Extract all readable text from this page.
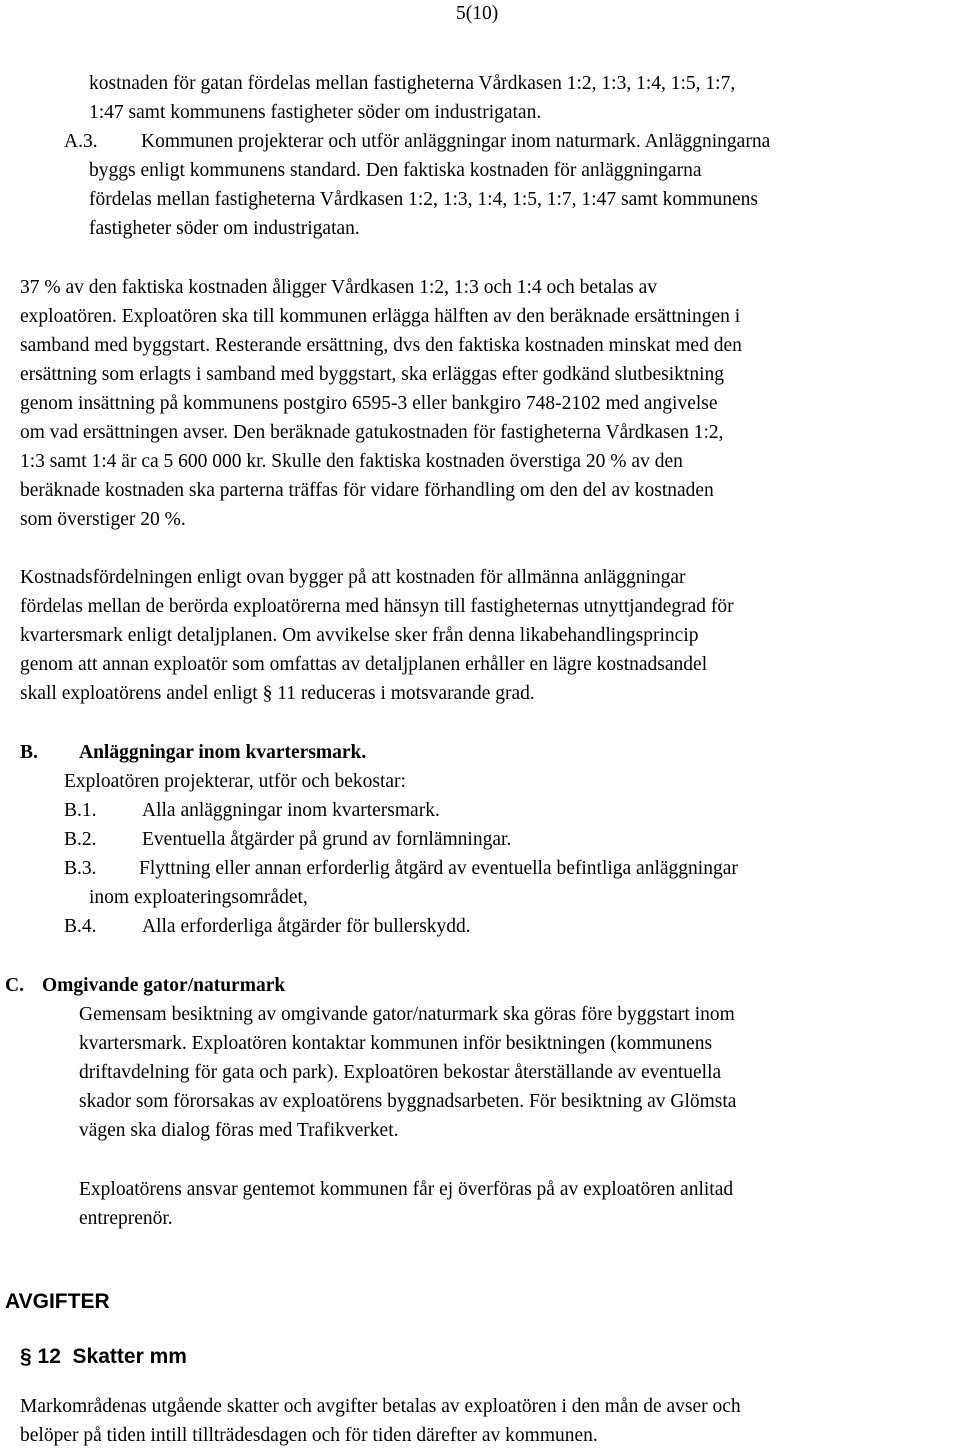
5(10)
kostnaden för gatan fördelas mellan fastigheterna Vårdkasen 1:2, 1:3, 1:4, 1:5, 1:7,
1:47 samt kommunens fastigheter söder om industrigatan.
A.3. Kommunen projekterar och utför anläggningar inom naturmark. Anläggningarna
byggs enligt kommunens standard. Den faktiska kostnaden för anläggningarna
fördelas mellan fastigheterna Vårdkasen 1:2, 1:3, 1:4, 1:5, 1:7, 1:47 samt kommunens
fastigheter söder om industrigatan.
37 % av den faktiska kostnaden åligger Vårdkasen 1:2, 1:3 och 1:4 och betalas av
exploatören. Exploatören ska till kommunen erlägga hälften av den beräknade ersättningen i
samband med byggstart. Resterande ersättning, dvs den faktiska kostnaden minskat med den
ersättning som erlagts i samband med byggstart, ska erläggas efter godkänd slutbesiktning
genom insättning på kommunens postgiro 6595-3 eller bankgiro 748-2102 med angivelse
om vad ersättningen avser. Den beräknade gatukostnaden för fastigheterna Vårdkasen 1:2,
1:3 samt 1:4 är ca 5 600 000 kr. Skulle den faktiska kostnaden överstiga 20 % av den
beräknade kostnaden ska parterna träffas för vidare förhandling om den del av kostnaden
som överstiger 20 %.
Kostnadsfördelningen enligt ovan bygger på att kostnaden för allmänna anläggningar
fördelas mellan de berörda exploatörerna med hänsyn till fastigheternas utnyttjandegrad för
kvartersmark enligt detaljplanen. Om avvikelse sker från denna likabehandlingsprincip
genom att annan exploatör som omfattas av detaljplanen erhåller en lägre kostnadsandel
skall exploatörens andel enligt § 11 reduceras i motsvarande grad.
B. Anläggningar inom kvartersmark.
Exploatören projekterar, utför och bekostar:
B.1. Alla anläggningar inom kvartersmark.
B.2. Eventuella åtgärder på grund av fornlämningar.
B.3. Flyttning eller annan erforderlig åtgärd av eventuella befintliga anläggningar
inom exploateringsområdet,
B.4. Alla erforderliga åtgärder för bullerskydd.
C. Omgivande gator/naturmark
Gemensam besiktning av omgivande gator/naturmark ska göras före byggstart inom
kvartersmark. Exploatören kontaktar kommunen inför besiktningen (kommunens
driftavdelning för gata och park). Exploatören bekostar återställande av eventuella
skador som förorsakas av exploatörens byggnadsarbeten. För besiktning av Glömsta
vägen ska dialog föras med Trafikverket.
Exploatörens ansvar gentemot kommunen får ej överföras på av exploatören anlitad
entreprenör.
AVGIFTER
§ 12  Skatter mm
Markområdenas utgående skatter och avgifter betalas av exploatören i den mån de avser och
belöper på tiden intill tillträdesdagen och för tiden därefter av kommunen.
